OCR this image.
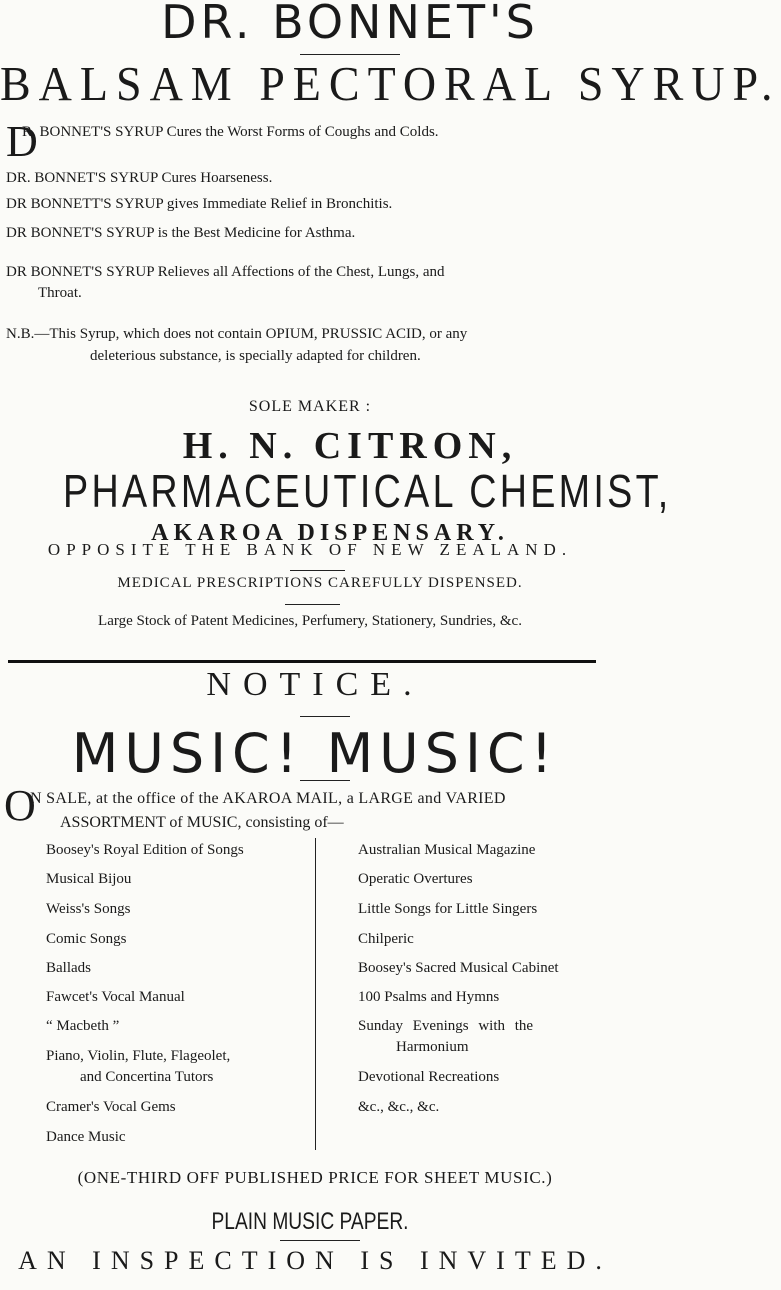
DR. BONNET'S
BALSAM PECTORAL SYRUP.
D
R. BONNET'S SYRUP Cures the Worst Forms of Coughs and Colds.
DR. BONNET'S SYRUP Cures Hoarseness.
DR BONNETT'S SYRUP gives Immediate Relief in Bronchitis.
DR BONNET'S SYRUP is the Best Medicine for Asthma.
DR BONNET'S SYRUP Relieves all Affections of the Chest, Lungs, and
Throat.
N.B.—This Syrup, which does not contain OPIUM, PRUSSIC ACID, or any
deleterious substance, is specially adapted for children.
SOLE MAKER :
H. N. CITRON,
PHARMACEUTICAL CHEMIST,
AKAROA DISPENSARY.
OPPOSITE THE BANK OF NEW ZEALAND.
MEDICAL PRESCRIPTIONS CAREFULLY DISPENSED.
Large Stock of Patent Medicines, Perfumery, Stationery, Sundries, &c.
NOTICE.
MUSIC! MUSIC!
O
N SALE, at the office of the AKAROA MAIL, a LARGE and VARIED
ASSORTMENT of MUSIC, consisting of—
Boosey's Royal Edition of Songs
Musical Bijou
Weiss's Songs
Comic Songs
Ballads
Fawcet's Vocal Manual
“ Macbeth ”
Piano, Violin, Flute, Flageolet,
and Concertina Tutors
Cramer's Vocal Gems
Dance Music
Australian Musical Magazine
Operatic Overtures
Little Songs for Little Singers
Chilperic
Boosey's Sacred Musical Cabinet
100 Psalms and Hymns
Sunday Evenings with the
Harmonium
Devotional Recreations
&c., &c., &c.
(ONE-THIRD OFF PUBLISHED PRICE FOR SHEET MUSIC.)
PLAIN MUSIC PAPER.
AN INSPECTION IS INVITED.
